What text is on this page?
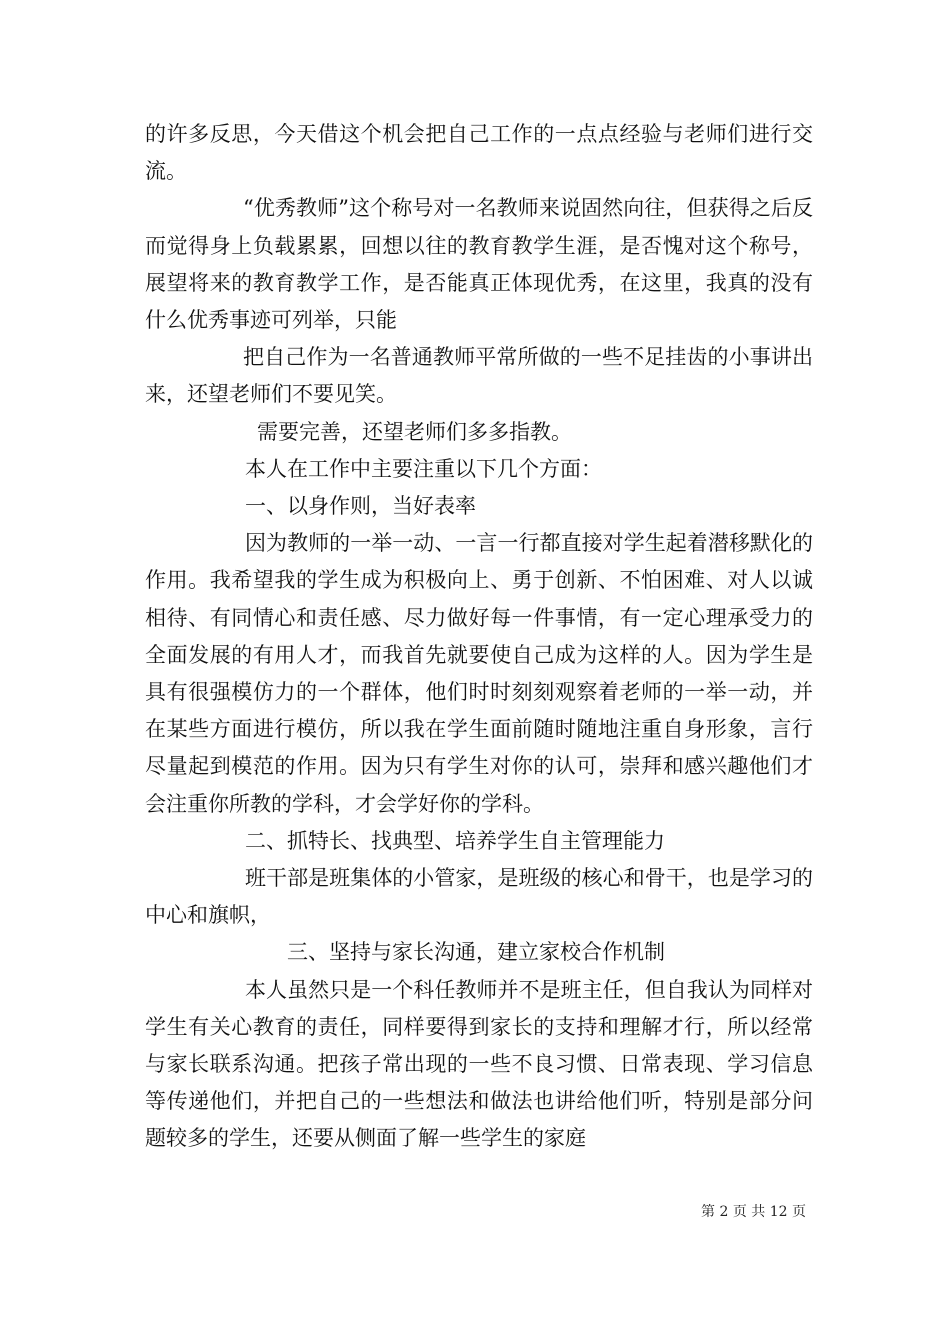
的许多反思，今天借这个机会把自己工作的一点点经验与老师们进行交流。

“优秀教师”这个称号对一名教师来说固然向往，但获得之后反而觉得身上负载累累，回想以往的教育教学生涯，是否愧对这个称号，展望将来的教育教学工作，是否能真正体现优秀，在这里，我真的没有什么优秀事迹可列举，只能

把自己作为一名普通教师平常所做的一些不足挂齿的小事讲出来，还望老师们不要见笑。

需要完善，还望老师们多多指教。

本人在工作中主要注重以下几个方面：

一、以身作则，当好表率

因为教师的一举一动、一言一行都直接对学生起着潜移默化的作用。我希望我的学生成为积极向上、勇于创新、不怕困难、对人以诚相待、有同情心和责任感、尽力做好每一件事情，有一定心理承受力的全面发展的有用人才，而我首先就要使自己成为这样的人。因为学生是具有很强模仿力的一个群体，他们时时刻刻观察着老师的一举一动，并在某些方面进行模仿，所以我在学生面前随时随地注重自身形象，言行尽量起到模范的作用。因为只有学生对你的认可，崇拜和感兴趣他们才会注重你所教的学科，才会学好你的学科。

二、抓特长、找典型、培养学生自主管理能力

班干部是班集体的小管家，是班级的核心和骨干，也是学习的中心和旗帜，

三、坚持与家长沟通，建立家校合作机制

本人虽然只是一个科任教师并不是班主任，但自我认为同样对学生有关心教育的责任，同样要得到家长的支持和理解才行，所以经常与家长联系沟通。把孩子常出现的一些不良习惯、日常表现、学习信息等传递他们，并把自己的一些想法和做法也讲给他们听，特别是部分问题较多的学生，还要从侧面了解一些学生的家庭

第 2 页 共 12 页
